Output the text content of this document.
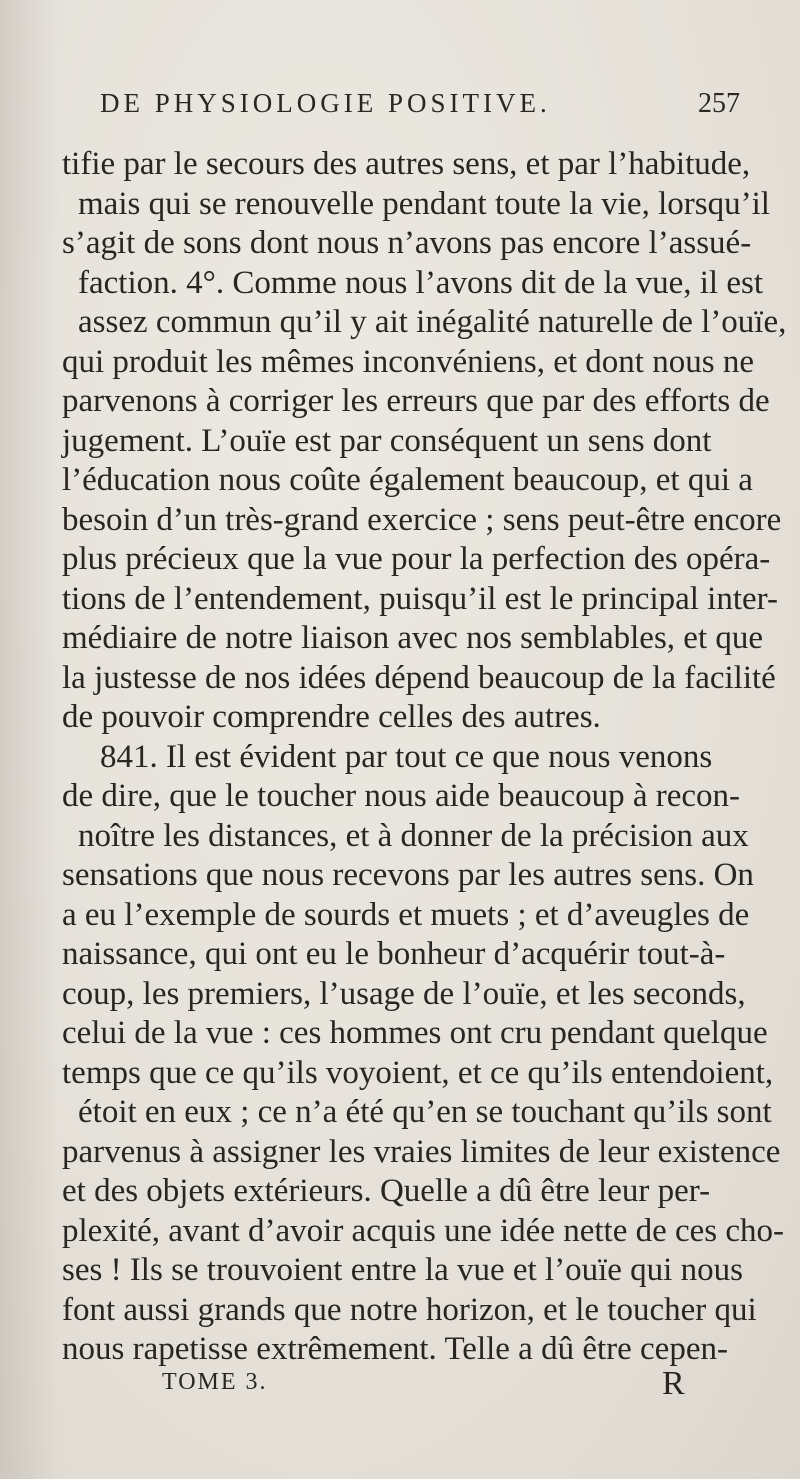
DE PHYSIOLOGIE POSITIVE.	257
tifie par le secours des autres sens, et par l’habitude,
mais qui se renouvelle pendant toute la vie, lorsqu’il
s’agit de sons dont nous n’avons pas encore l’assué-
faction. 4°. Comme nous l’avons dit de la vue, il est
assez commun qu’il y ait inégalité naturelle de l’ouïe,
qui produit les mêmes inconvéniens, et dont nous ne
parvenons à corriger les erreurs que par des efforts de
jugement. L’ouïe est par conséquent un sens dont
l’éducation nous coûte également beaucoup, et qui a
besoin d’un très-grand exercice ; sens peut-être encore
plus précieux que la vue pour la perfection des opéra-
tions de l’entendement, puisqu’il est le principal inter-
médiaire de notre liaison avec nos semblables, et que
la justesse de nos idées dépend beaucoup de la facilité
de pouvoir comprendre celles des autres.
841. Il est évident par tout ce que nous venons
de dire, que le toucher nous aide beaucoup à recon-
noître les distances, et à donner de la précision aux
sensations que nous recevons par les autres sens. On
a eu l’exemple de sourds et muets ; et d’aveugles de
naissance, qui ont eu le bonheur d’acquérir tout-à-
coup, les premiers, l’usage de l’ouïe, et les seconds,
celui de la vue : ces hommes ont cru pendant quelque
temps que ce qu’ils voyoient, et ce qu’ils entendoient,
étoit en eux ; ce n’a été qu’en se touchant qu’ils sont
parvenus à assigner les vraies limites de leur existence
et des objets extérieurs. Quelle a dû être leur per-
plexité, avant d’avoir acquis une idée nette de ces cho-
ses ! Ils se trouvoient entre la vue et l’ouïe qui nous
font aussi grands que notre horizon, et le toucher qui
nous rapetisse extrêmement. Telle a dû être cepen-
TOME 3.	R
